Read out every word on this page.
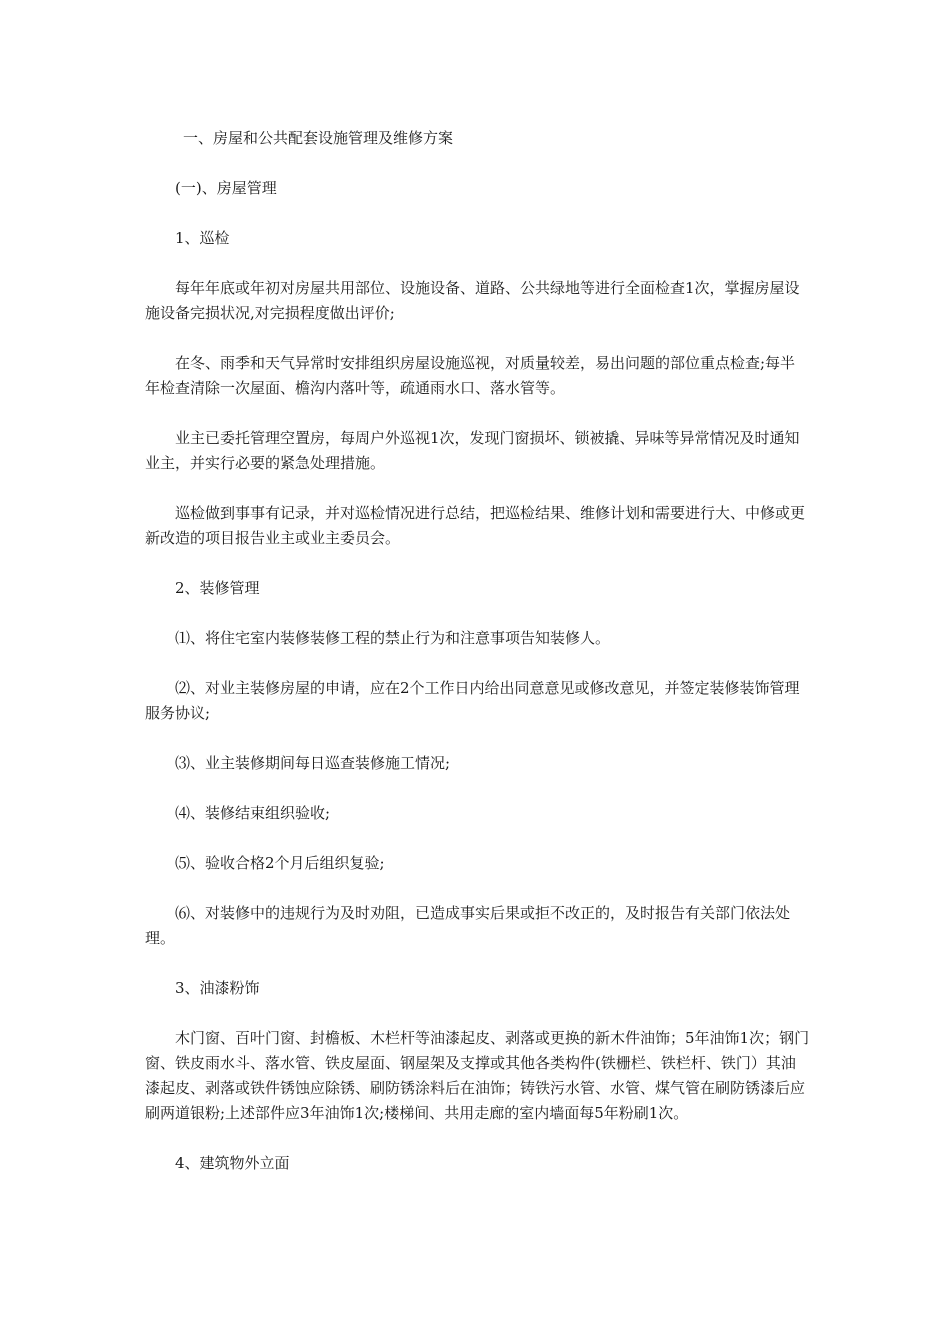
一、房屋和公共配套设施管理及维修方案

(一)、房屋管理

1、巡检

每年年底或年初对房屋共用部位、设施设备、道路、公共绿地等进行全面检查1次，掌握房屋设施设备完损状况,对完损程度做出评价;

在冬、雨季和天气异常时安排组织房屋设施巡视，对质量较差，易出问题的部位重点检查;每半年检查清除一次屋面、檐沟内落叶等，疏通雨水口、落水管等。

业主已委托管理空置房，每周户外巡视1次，发现门窗损坏、锁被撬、异味等异常情况及时通知业主，并实行必要的紧急处理措施。

巡检做到事事有记录，并对巡检情况进行总结，把巡检结果、维修计划和需要进行大、中修或更新改造的项目报告业主或业主委员会。

2、装修管理

⑴、将住宅室内装修装修工程的禁止行为和注意事项告知装修人。

⑵、对业主装修房屋的申请，应在2个工作日内给出同意意见或修改意见，并签定装修装饰管理服务协议;

⑶、业主装修期间每日巡查装修施工情况;

⑷、装修结束组织验收;

⑸、验收合格2个月后组织复验;

⑹、对装修中的违规行为及时劝阻，已造成事实后果或拒不改正的，及时报告有关部门依法处理。

3、油漆粉饰

木门窗、百叶门窗、封檐板、木栏杆等油漆起皮、剥落或更换的新木件油饰；5年油饰1次；钢门窗、铁皮雨水斗、落水管、铁皮屋面、钢屋架及支撑或其他各类构件(铁栅栏、铁栏杆、铁门）其油漆起皮、剥落或铁件锈蚀应除锈、刷防锈涂料后在油饰；铸铁污水管、水管、煤气管在刷防锈漆后应刷两道银粉;上述部件应3年油饰1次;楼梯间、共用走廊的室内墙面每5年粉刷1次。

4、建筑物外立面
